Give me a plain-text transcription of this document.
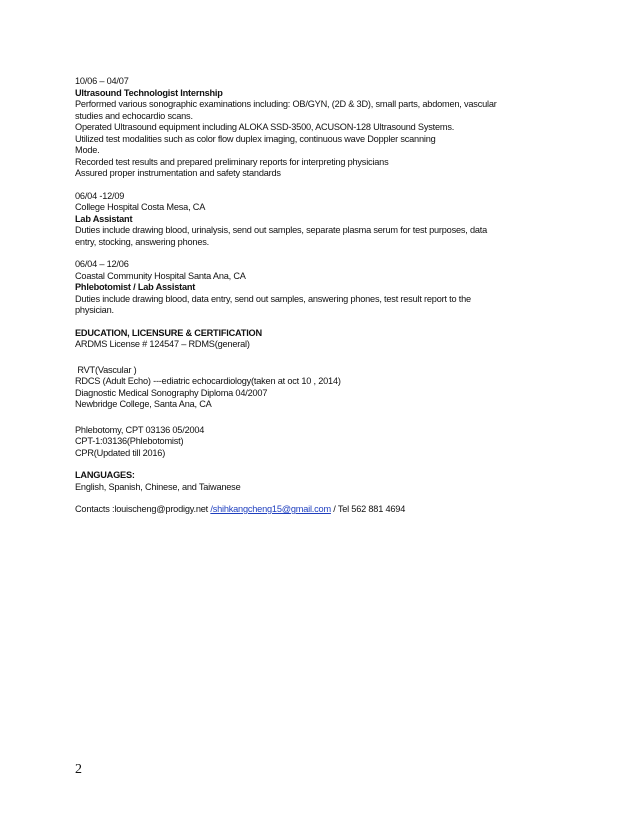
10/06 – 04/07
Ultrasound Technologist Internship
Performed various sonographic examinations including: OB/GYN, (2D & 3D), small parts, abdomen, vascular
studies and echocardio scans.
Operated Ultrasound equipment including ALOKA SSD-3500, ACUSON-128 Ultrasound Systems.
Utilized test modalities such as color flow duplex imaging, continuous wave Doppler scanning
Mode.
Recorded test results and prepared preliminary reports for interpreting physicians
Assured proper instrumentation and safety standards
06/04 -12/09
College Hospital Costa Mesa, CA
Lab Assistant
Duties include drawing blood, urinalysis, send out samples, separate plasma serum for test purposes, data
entry, stocking, answering phones.
06/04 – 12/06
Coastal Community Hospital Santa Ana, CA
Phlebotomist / Lab Assistant
Duties include drawing blood, data entry, send out samples, answering phones, test result report to the
physician.
EDUCATION, LICENSURE & CERTIFICATION
ARDMS License # 124547 – RDMS(general)
RVT(Vascular )
RDCS (Adult Echo) ---ediatric echocardiology(taken at oct 10 , 2014)
Diagnostic Medical Sonography Diploma 04/2007
Newbridge College, Santa Ana, CA
Phlebotomy, CPT 03136 05/2004
CPT-1:03136(Phlebotomist)
CPR(Updated till 2016)
LANGUAGES:
English, Spanish, Chinese, and Taiwanese
Contacts :louischeng@prodigy.net /shihkangcheng15@gmail.com / Tel 562 881 4694
2
